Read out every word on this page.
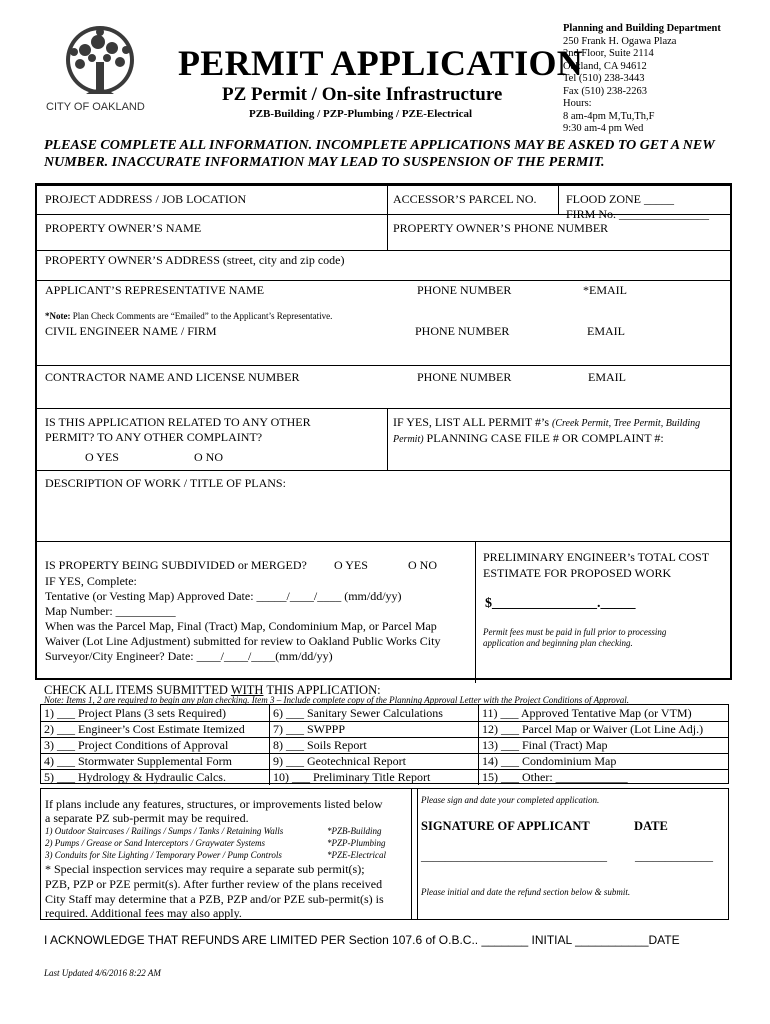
CITY OF OAKLAND
PERMIT APPLICATION
PZ Permit / On-site Infrastructure
PZB-Building / PZP-Plumbing / PZE-Electrical
Planning and Building Department
250 Frank H. Ogawa Plaza
2nd Floor, Suite 2114
Oakland, CA 94612
Tel (510) 238-3443
Fax (510) 238-2263
Hours:
8 am-4pm M,Tu,Th,F
9:30 am-4 pm Wed
PLEASE COMPLETE ALL INFORMATION. INCOMPLETE APPLICATIONS MAY BE ASKED TO GET A NEW NUMBER. INACCURATE INFORMATION MAY LEAD TO SUSPENSION OF THE PERMIT.
PROJECT ADDRESS / JOB LOCATION	ACCESSOR’S PARCEL NO. FLOOD ZONE _____
FIRM No. _______________
PROPERTY OWNER’S NAME	PROPERTY OWNER’S PHONE NUMBER
PROPERTY OWNER’S ADDRESS (street, city and zip code)
APPLICANT’S REPRESENTATIVE NAME	PHONE NUMBER	*EMAIL
*Note: Plan Check Comments are “Emailed” to the Applicant’s Representative.
CIVIL ENGINEER NAME / FIRM	PHONE NUMBER	EMAIL
CONTRACTOR NAME AND LICENSE NUMBER	PHONE NUMBER	EMAIL
IS THIS APPLICATION RELATED TO ANY OTHER
PERMIT? TO ANY OTHER COMPLAINT?
O YES	O NO
IF YES, LIST ALL PERMIT #’s (Creek Permit, Tree Permit, Building
Permit) PLANNING CASE FILE # OR COMPLAINT #:
DESCRIPTION OF WORK / TITLE OF PLANS:
IS PROPERTY BEING SUBDIVIDED or MERGED? O YES	O NO
IF YES, Complete:
Tentative (or Vesting Map) Approved Date: _____/____/____ (mm/dd/yy)
Map Number: __________
When was the Parcel Map, Final (Tract) Map, Condominium Map, or Parcel Map
Waiver (Lot Line Adjustment) submitted for review to Oakland Public Works City
Surveyor/City Engineer? Date: ____/____/____(mm/dd/yy)
PRELIMINARY ENGINEER’s TOTAL COST
ESTIMATE FOR PROPOSED WORK
$_______________._____
Permit fees must be paid in full prior to processing
application and beginning plan checking.
CHECK ALL ITEMS SUBMITTED WITH THIS APPLICATION:
Note: Items 1, 2 are required to begin any plan checking. Item 3 – Include complete copy of the Planning Approval Letter with the Project Conditions of Approval.
1) ___ Project Plans (3 sets Required)
2) ___ Engineer’s Cost Estimate Itemized
3) ___ Project Conditions of Approval
4) ___ Stormwater Supplemental Form
5) ___ Hydrology & Hydraulic Calcs.
6) ___ Sanitary Sewer Calculations
7) ___ SWPPP
8) ___ Soils Report
9) ___ Geotechnical Report
10) ___ Preliminary Title Report
11) ___ Approved Tentative Map (or VTM)
12) ___ Parcel Map or Waiver (Lot Line Adj.)
13) ___ Final (Tract) Map
14) ___ Condominium Map
15) ___ Other: ____________
If plans include any features, structures, or improvements listed below
a separate PZ sub-permit may be required.
1) Outdoor Staircases / Railings / Sumps / Tanks / Retaining Walls	*PZB-Building
2) Pumps / Grease or Sand Interceptors / Graywater Systems	*PZP-Plumbing
3) Conduits for Site Lighting / Temporary Power / Pump Controls	*PZE-Electrical
* Special inspection services may require a separate sub permit(s);
PZB, PZP or PZE permit(s). After further review of the plans received
City Staff may determine that a PZB, PZP and/or PZE sub-permit(s) is
required. Additional fees may also apply.
Please sign and date your completed application.
SIGNATURE OF APPLICANT	DATE
_______________________________ _____________
Please initial and date the refund section below & submit.
I ACKNOWLEDGE THAT REFUNDS ARE LIMITED PER Section 107.6 of O.B.C.. _______ INITIAL ___________DATE
Last Updated 4/6/2016 8:22 AM
